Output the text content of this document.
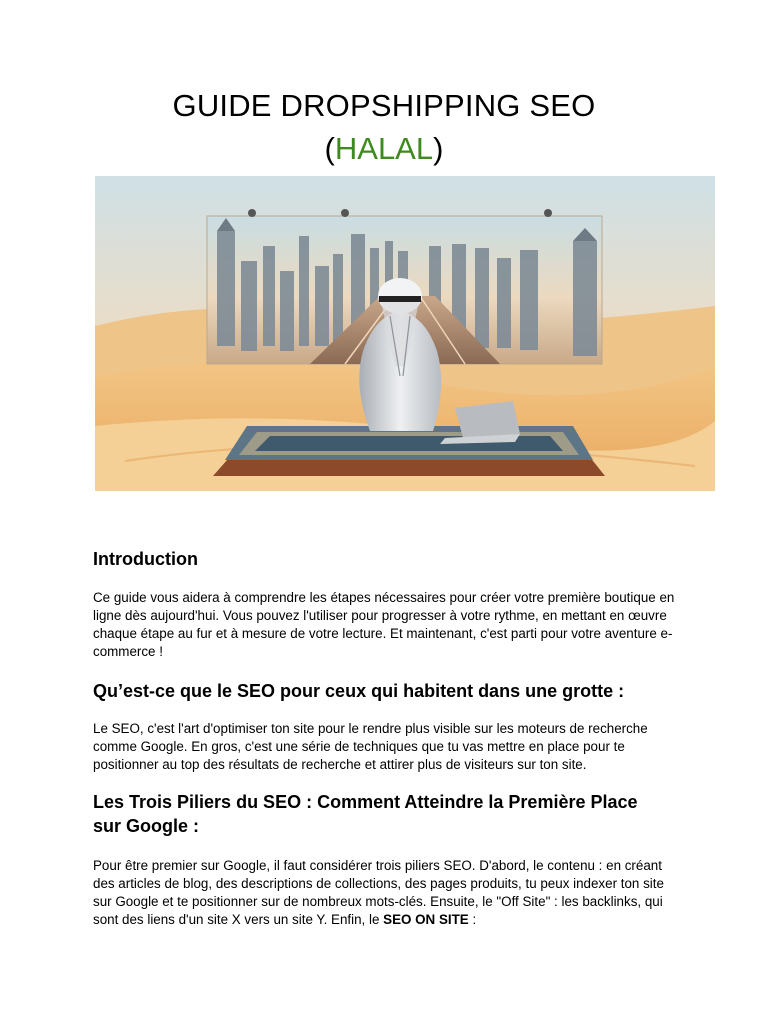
GUIDE DROPSHIPPING SEO
(HALAL)
Introduction
Ce guide vous aidera à comprendre les étapes nécessaires pour créer votre première boutique en ligne dès aujourd'hui. Vous pouvez l'utiliser pour progresser à votre rythme, en mettant en œuvre chaque étape au fur et à mesure de votre lecture. Et maintenant, c'est parti pour votre aventure e-commerce !
Qu’est-ce que le SEO pour ceux qui habitent dans une grotte :
Le SEO, c'est l'art d'optimiser ton site pour le rendre plus visible sur les moteurs de recherche comme Google. En gros, c'est une série de techniques que tu vas mettre en place pour te positionner au top des résultats de recherche et attirer plus de visiteurs sur ton site.
Les Trois Piliers du SEO : Comment Atteindre la Première Place sur Google :
Pour être premier sur Google, il faut considérer trois piliers SEO. D'abord, le contenu : en créant des articles de blog, des descriptions de collections, des pages produits, tu peux indexer ton site sur Google et te positionner sur de nombreux mots-clés. Ensuite, le "Off Site" : les backlinks, qui sont des liens d'un site X vers un site Y. Enfin, le SEO ON SITE :
